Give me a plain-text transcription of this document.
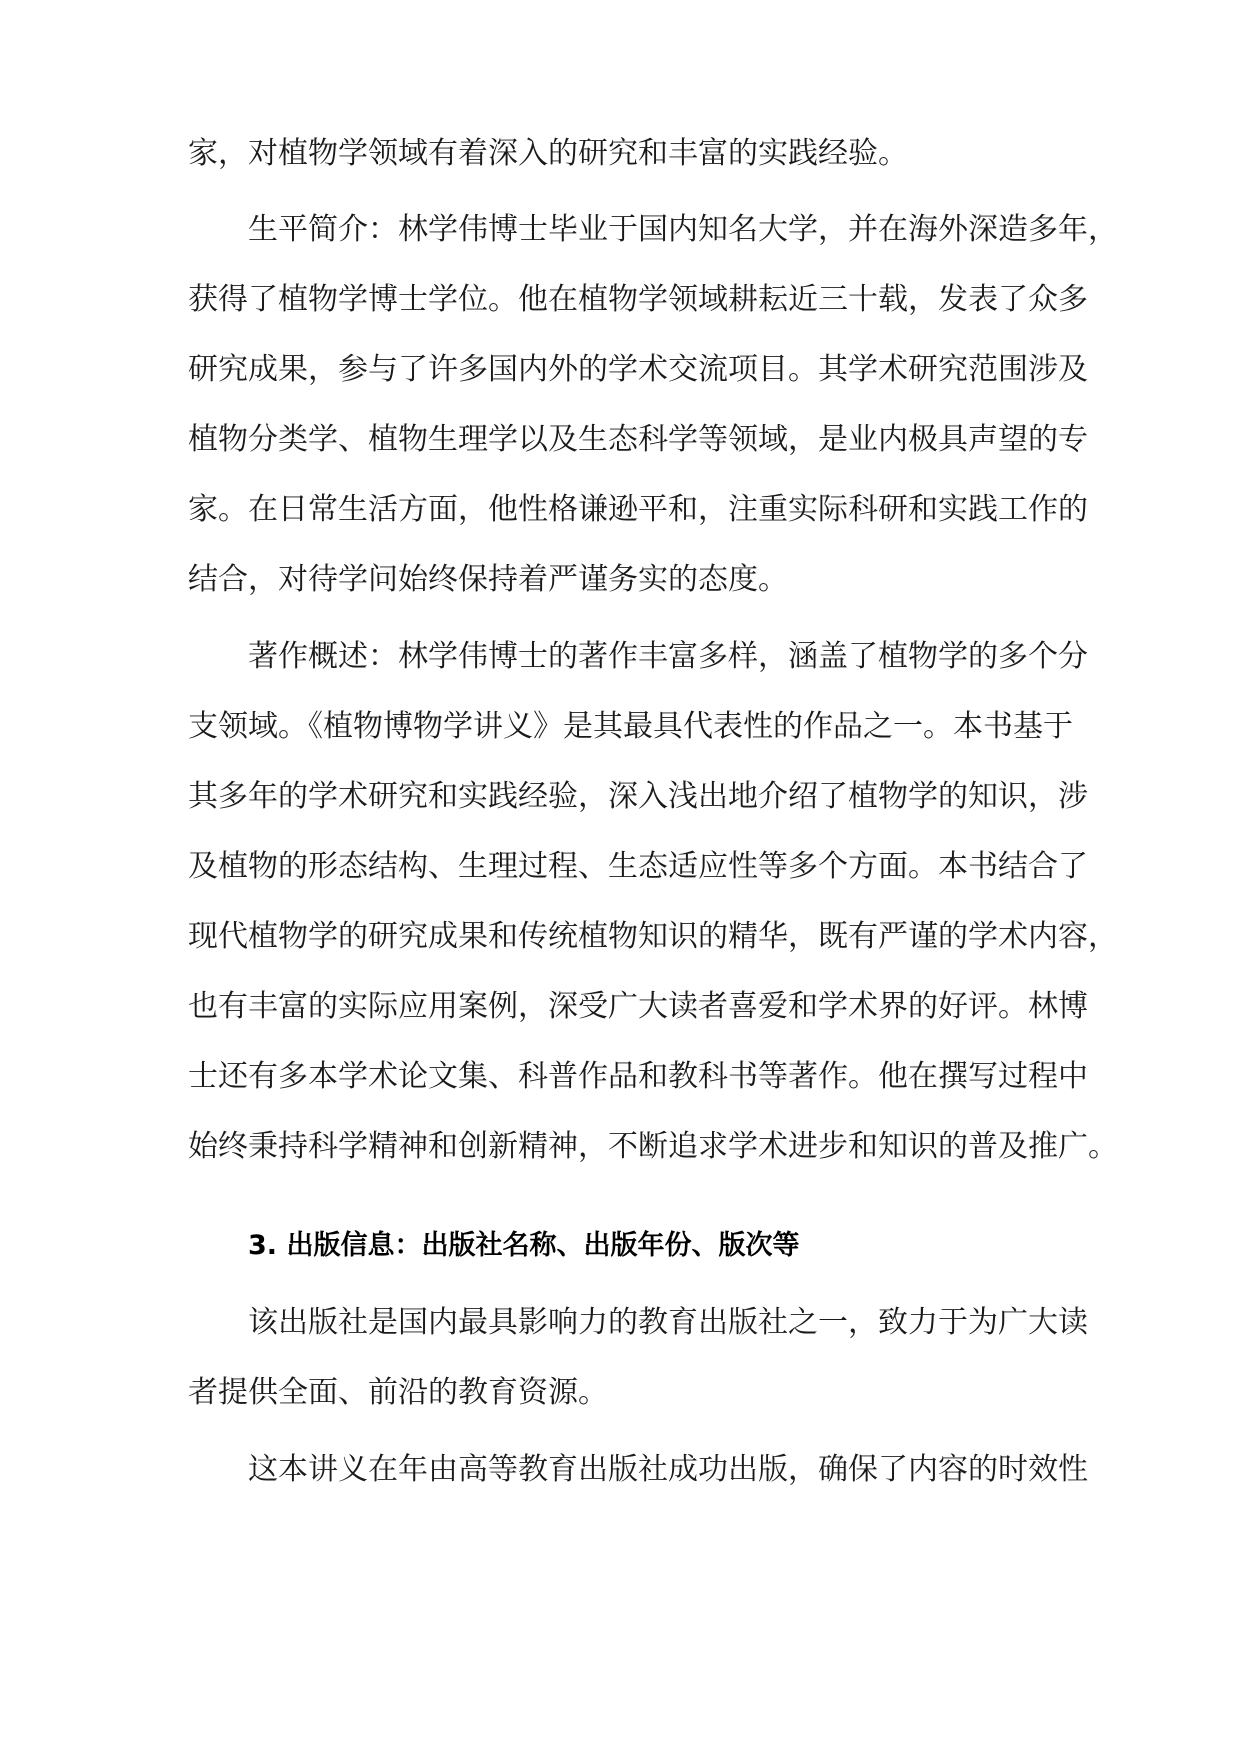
家，对植物学领域有着深入的研究和丰富的实践经验。
生平简介：林学伟博士毕业于国内知名大学，并在海外深造多年，
获得了植物学博士学位。他在植物学领域耕耘近三十载，发表了众多
研究成果，参与了许多国内外的学术交流项目。其学术研究范围涉及
植物分类学、植物生理学以及生态科学等领域，是业内极具声望的专
家。在日常生活方面，他性格谦逊平和，注重实际科研和实践工作的
结合，对待学问始终保持着严谨务实的态度。
著作概述：林学伟博士的著作丰富多样，涵盖了植物学的多个分
支领域。《植物博物学讲义》是其最具代表性的作品之一。本书基于
其多年的学术研究和实践经验，深入浅出地介绍了植物学的知识，涉
及植物的形态结构、生理过程、生态适应性等多个方面。本书结合了
现代植物学的研究成果和传统植物知识的精华，既有严谨的学术内容，
也有丰富的实际应用案例，深受广大读者喜爱和学术界的好评。林博
士还有多本学术论文集、科普作品和教科书等著作。他在撰写过程中
始终秉持科学精神和创新精神，不断追求学术进步和知识的普及推广。
3. 出版信息：出版社名称、出版年份、版次等
该出版社是国内最具影响力的教育出版社之一，致力于为广大读
者提供全面、前沿的教育资源。
这本讲义在年由高等教育出版社成功出版，确保了内容的时效性
